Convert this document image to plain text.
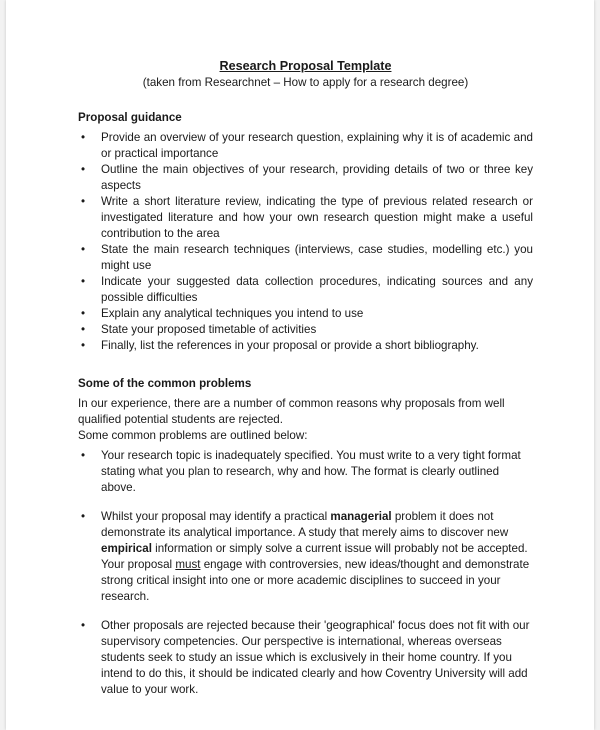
Research Proposal Template

(taken from Researchnet – How to apply for a research degree)

Proposal guidance

• Provide an overview of your research question, explaining why it is of academic and or practical importance
• Outline the main objectives of your research, providing details of two or three key aspects
• Write a short literature review, indicating the type of previous related research or investigated literature and how your own research question might make a useful contribution to the area
• State the main research techniques (interviews, case studies, modelling etc.) you might use
• Indicate your suggested data collection procedures, indicating sources and any possible difficulties
• Explain any analytical techniques you intend to use
• State your proposed timetable of activities
• Finally, list the references in your proposal or provide a short bibliography.

Some of the common problems

In our experience, there are a number of common reasons why proposals from well qualified potential students are rejected.

Some common problems are outlined below:

• Your research topic is inadequately specified. You must write to a very tight format stating what you plan to research, why and how. The format is clearly outlined above.
• Whilst your proposal may identify a practical managerial problem it does not demonstrate its analytical importance. A study that merely aims to discover new empirical information or simply solve a current issue will probably not be accepted. Your proposal must engage with controversies, new ideas/thought and demonstrate strong critical insight into one or more academic disciplines to succeed in your research.
• Other proposals are rejected because their 'geographical' focus does not fit with our supervisory competencies. Our perspective is international, whereas overseas students seek to study an issue which is exclusively in their home country. If you intend to do this, it should be indicated clearly and how Coventry University will add value to your work.
